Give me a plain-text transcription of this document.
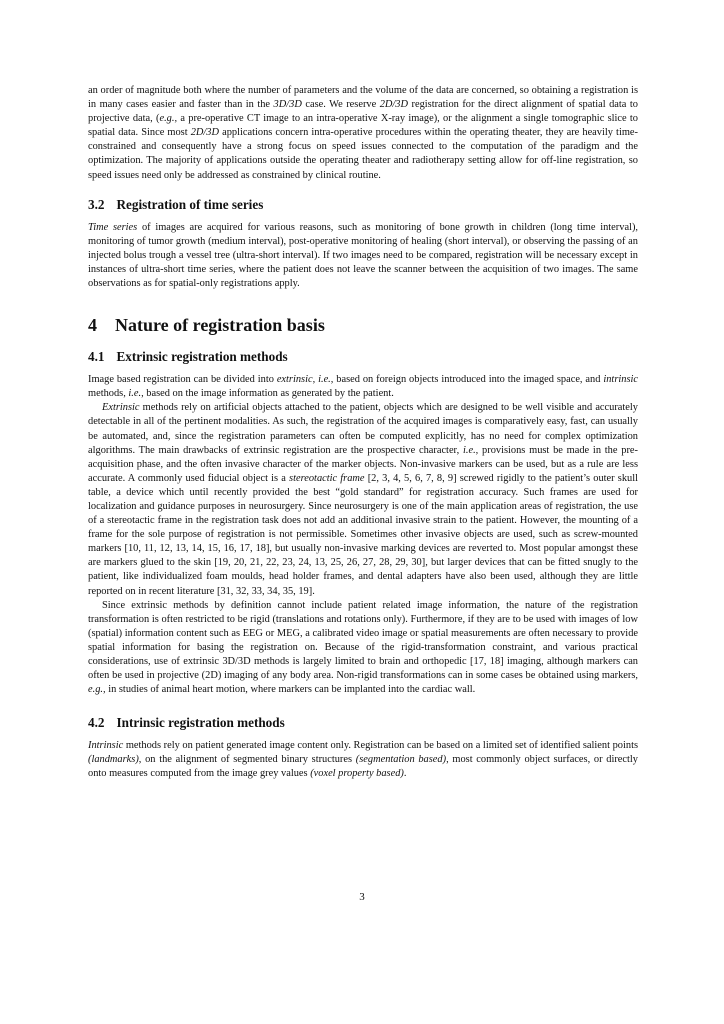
an order of magnitude both where the number of parameters and the volume of the data are concerned, so obtaining a registration is in many cases easier and faster than in the 3D/3D case. We reserve 2D/3D registration for the direct alignment of spatial data to projective data, (e.g., a pre-operative CT image to an intra-operative X-ray image), or the alignment a single tomographic slice to spatial data. Since most 2D/3D applications concern intra-operative procedures within the operating theater, they are heavily time-constrained and consequently have a strong focus on speed issues connected to the computation of the paradigm and the optimization. The majority of applications outside the operating theater and radiotherapy setting allow for off-line registration, so speed issues need only be addressed as constrained by clinical routine.

3.2 Registration of time series

Time series of images are acquired for various reasons, such as monitoring of bone growth in children (long time interval), monitoring of tumor growth (medium interval), post-operative monitoring of healing (short interval), or observing the passing of an injected bolus trough a vessel tree (ultra-short interval). If two images need to be compared, registration will be necessary except in instances of ultra-short time series, where the patient does not leave the scanner between the acquisition of two images. The same observations as for spatial-only registrations apply.

4 Nature of registration basis
4.1 Extrinsic registration methods

Image based registration can be divided into extrinsic, i.e., based on foreign objects introduced into the imaged space, and intrinsic methods, i.e., based on the image information as generated by the patient.

Extrinsic methods rely on artificial objects attached to the patient, objects which are designed to be well visible and accurately detectable in all of the pertinent modalities. As such, the registration of the acquired images is comparatively easy, fast, can usually be automated, and, since the registration parameters can often be computed explicitly, has no need for complex optimization algorithms. The main drawbacks of extrinsic registration are the prospective character, i.e., provisions must be made in the pre-acquisition phase, and the often invasive character of the marker objects. Non-invasive markers can be used, but as a rule are less accurate. A commonly used fiducial object is a stereotactic frame [2, 3, 4, 5, 6, 7, 8, 9] screwed rigidly to the patient’s outer skull table, a device which until recently provided the best “gold standard” for registration accuracy. Such frames are used for localization and guidance purposes in neurosurgery. Since neurosurgery is one of the main application areas of registration, the use of a stereotactic frame in the registration task does not add an additional invasive strain to the patient. However, the mounting of a frame for the sole purpose of registration is not permissible. Sometimes other invasive objects are used, such as screw-mounted markers [10, 11, 12, 13, 14, 15, 16, 17, 18], but usually non-invasive marking devices are reverted to. Most popular amongst these are markers glued to the skin [19, 20, 21, 22, 23, 24, 13, 25, 26, 27, 28, 29, 30], but larger devices that can be fitted snugly to the patient, like individualized foam moulds, head holder frames, and dental adapters have also been used, although they are little reported on in recent literature [31, 32, 33, 34, 35, 19].

Since extrinsic methods by definition cannot include patient related image information, the nature of the registration transformation is often restricted to be rigid (translations and rotations only). Furthermore, if they are to be used with images of low (spatial) information content such as EEG or MEG, a calibrated video image or spatial measurements are often necessary to provide spatial information for basing the registration on. Because of the rigid-transformation constraint, and various practical considerations, use of extrinsic 3D/3D methods is largely limited to brain and orthopedic [17, 18] imaging, although markers can often be used in projective (2D) imaging of any body area. Non-rigid transformations can in some cases be obtained using markers, e.g., in studies of animal heart motion, where markers can be implanted into the cardiac wall.

4.2 Intrinsic registration methods

Intrinsic methods rely on patient generated image content only. Registration can be based on a limited set of identified salient points (landmarks), on the alignment of segmented binary structures (segmentation based), most commonly object surfaces, or directly onto measures computed from the image grey values (voxel property based).

3
